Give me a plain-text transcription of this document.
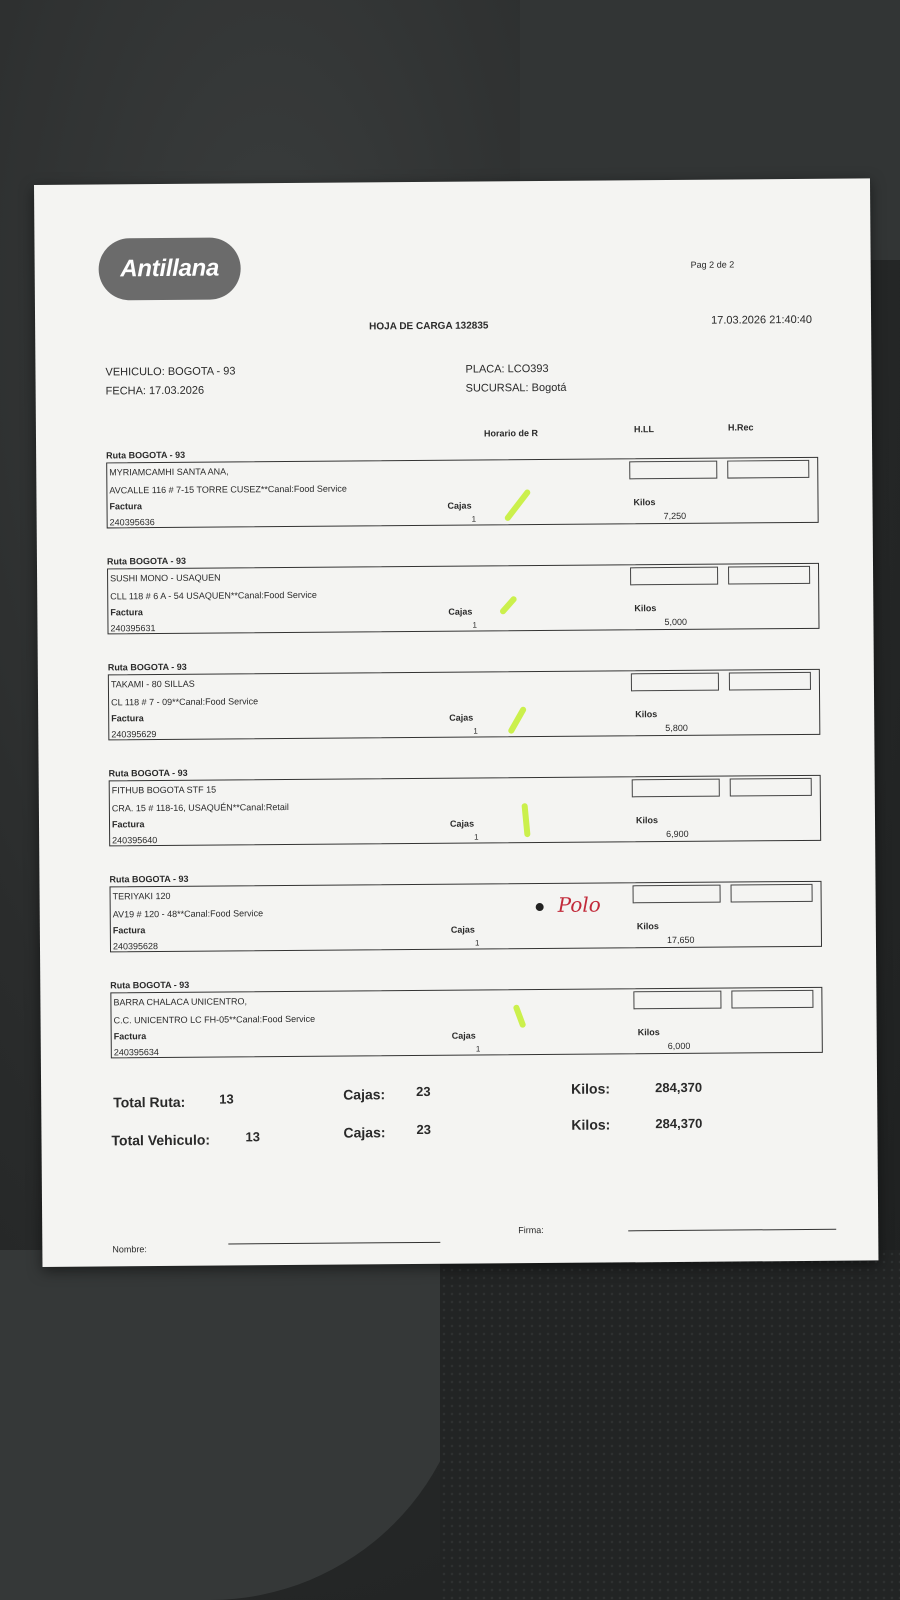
Antillana	Pag 2 de 2
HOJA DE CARGA 132835	17.03.2026 21:40:40
VEHICULO: BOGOTA - 93
FECHA: 17.03.2026
PLACA: LCO393
SUCURSAL: Bogotá
Horario de R	H.LL	H.Rec
Ruta BOGOTA - 93
MYRIAMCAMHI SANTA ANA,
AVCALLE 116 # 7-15 TORRE CUSEZ**Canal:Food Service
Factura	Cajas	Kilos
240395636	1	7,250
Ruta BOGOTA - 93
SUSHI MONO - USAQUEN
CLL 118 # 6 A - 54 USAQUEN**Canal:Food Service
Factura	Cajas	Kilos
240395631	1	5,000
Ruta BOGOTA - 93
TAKAMI - 80 SILLAS
CL 118 # 7 - 09**Canal:Food Service
Factura	Cajas	Kilos
240395629	1	5,800
Ruta BOGOTA - 93
FITHUB BOGOTA STF 15
CRA. 15 # 118-16, USAQUÉN**Canal:Retail
Factura	Cajas	Kilos
240395640	1	6,900
Ruta BOGOTA - 93
TERIYAKI 120
AV19 # 120 - 48**Canal:Food Service
Factura	Cajas	Kilos
240395628	1	17,650
Ruta BOGOTA - 93
BARRA CHALACA UNICENTRO,
C.C. UNICENTRO LC FH-05**Canal:Food Service
Factura	Cajas	Kilos
240395634	1	6,000
Polo
Total Ruta:	13	Cajas: 23	Kilos:	284,370
Total Vehiculo:	13	Cajas: 23	Kilos:	284,370
Nombre:
Firma:
